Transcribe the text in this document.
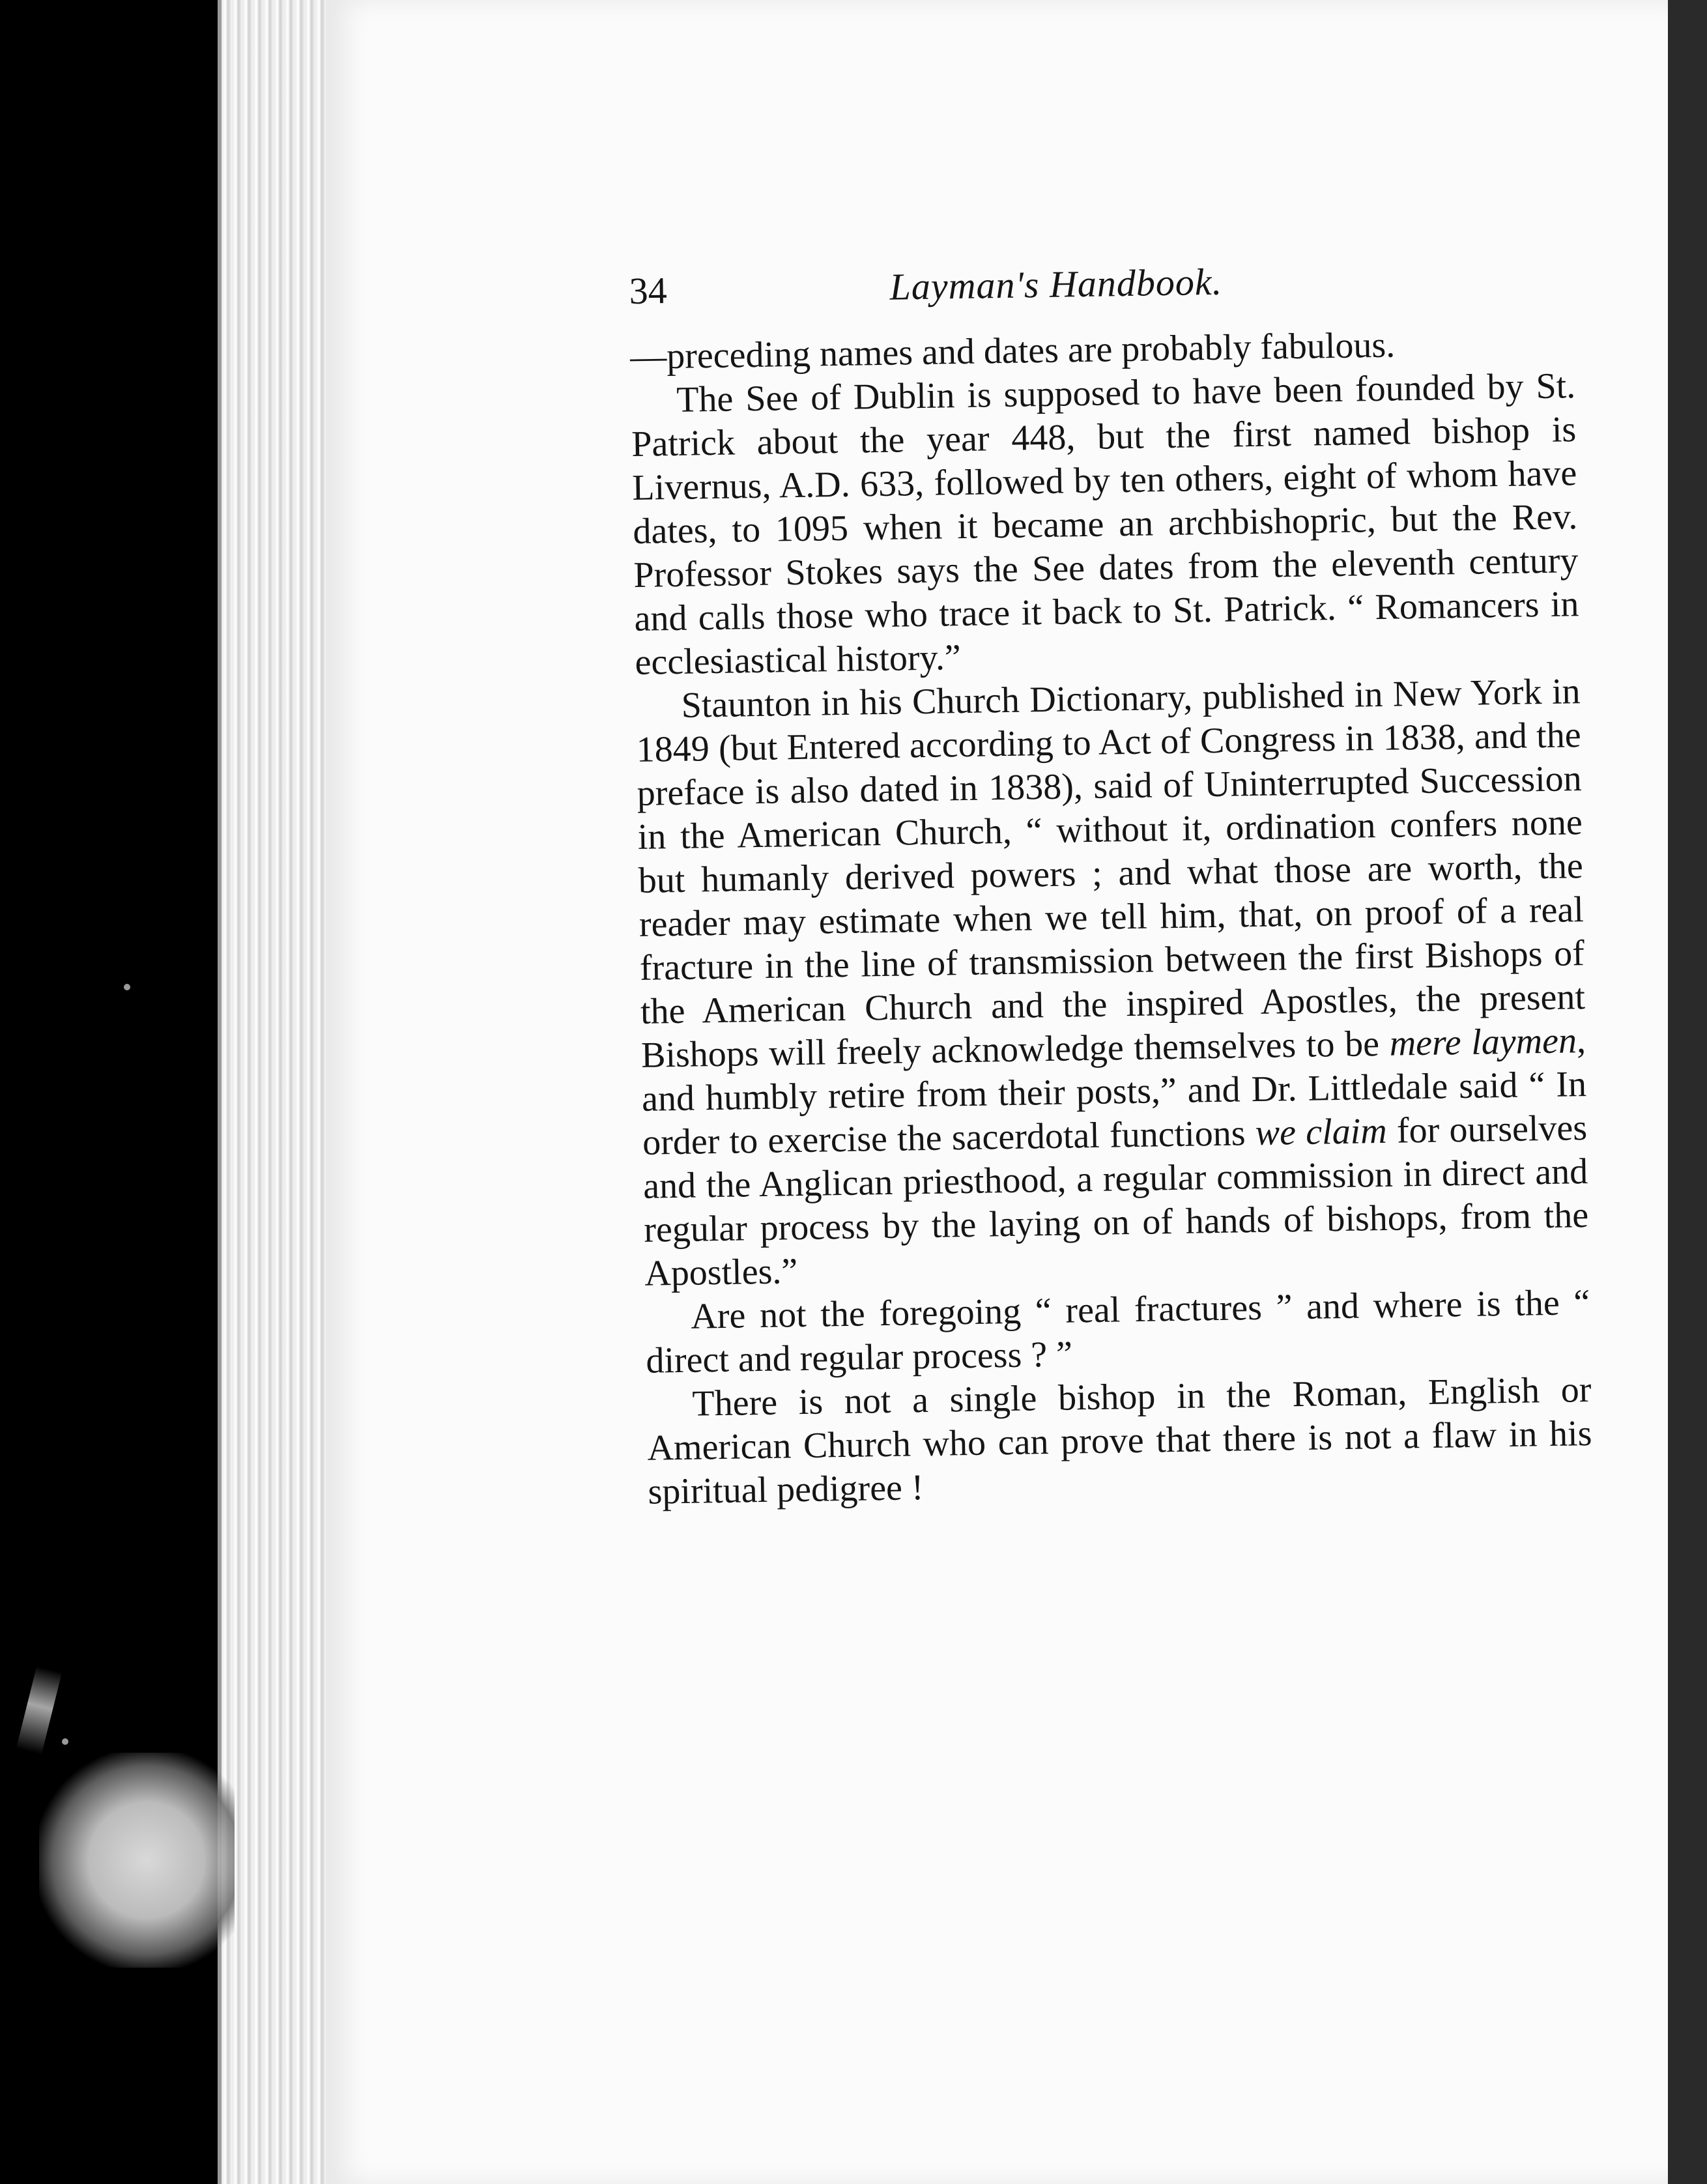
34	Layman's Handbook.

—preceding names and dates are probably fabulous.

The See of Dublin is supposed to have been founded by St. Patrick about the year 448, but the first named bishop is Livernus, A.D. 633, followed by ten others, eight of whom have dates, to 1095 when it became an archbishopric, but the Rev. Professor Stokes says the See dates from the eleventh century and calls those who trace it back to St. Patrick. “ Romancers in ecclesiastical history.”

Staunton in his Church Dictionary, published in New York in 1849 (but Entered according to Act of Congress in 1838, and the preface is also dated in 1838), said of Uninterrupted Succession in the American Church, “ without it, ordination confers none but humanly derived powers ; and what those are worth, the reader may estimate when we tell him, that, on proof of a real fracture in the line of transmission between the first Bishops of the American Church and the inspired Apostles, the present Bishops will freely acknowledge themselves to be mere laymen, and humbly retire from their posts,” and Dr. Littledale said “ In order to exercise the sacerdotal functions we claim for ourselves and the Anglican priesthood, a regular commission in direct and regular process by the laying on of hands of bishops, from the Apostles.”

Are not the foregoing “ real fractures ” and where is the “ direct and regular process ? ”

There is not a single bishop in the Roman, English or American Church who can prove that there is not a flaw in his spiritual pedigree !
